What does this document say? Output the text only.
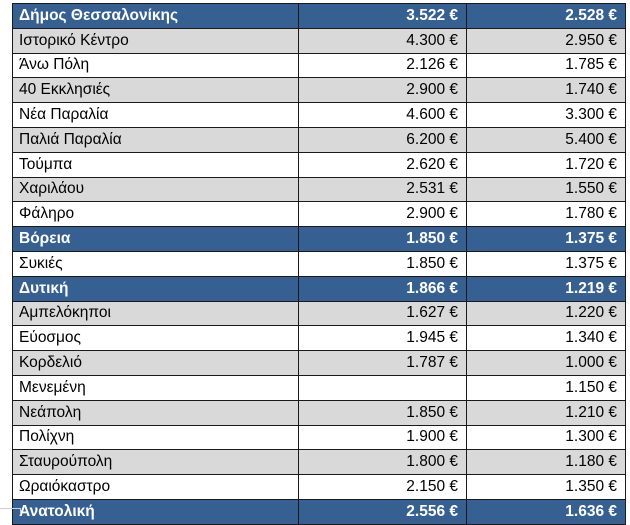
Δήμος Θεσσαλονίκης	3.522 €	2.528 €
Ιστορικό Κέντρο	4.300 €	2.950 €
Άνω Πόλη	2.126 €	1.785 €
40 Εκκλησιές	2.900 €	1.740 €
Νέα Παραλία	4.600 €	3.300 €
Παλιά Παραλία	6.200 €	5.400 €
Τούμπα	2.620 €	1.720 €
Χαριλάου	2.531 €	1.550 €
Φάληρο	2.900 €	1.780 €
Βόρεια	1.850 €	1.375 €
Συκιές	1.850 €	1.375 €
Δυτική	1.866 €	1.219 €
Αμπελόκηποι	1.627 €	1.220 €
Εύοσμος	1.945 €	1.340 €
Κορδελιό	1.787 €	1.000 €
Μενεμένη		1.150 €
Νεάπολη	1.850 €	1.210 €
Πολίχνη	1.900 €	1.300 €
Σταυρούπολη	1.800 €	1.180 €
Ωραιόκαστρο	2.150 €	1.350 €
Ανατολική	2.556 €	1.636 €
